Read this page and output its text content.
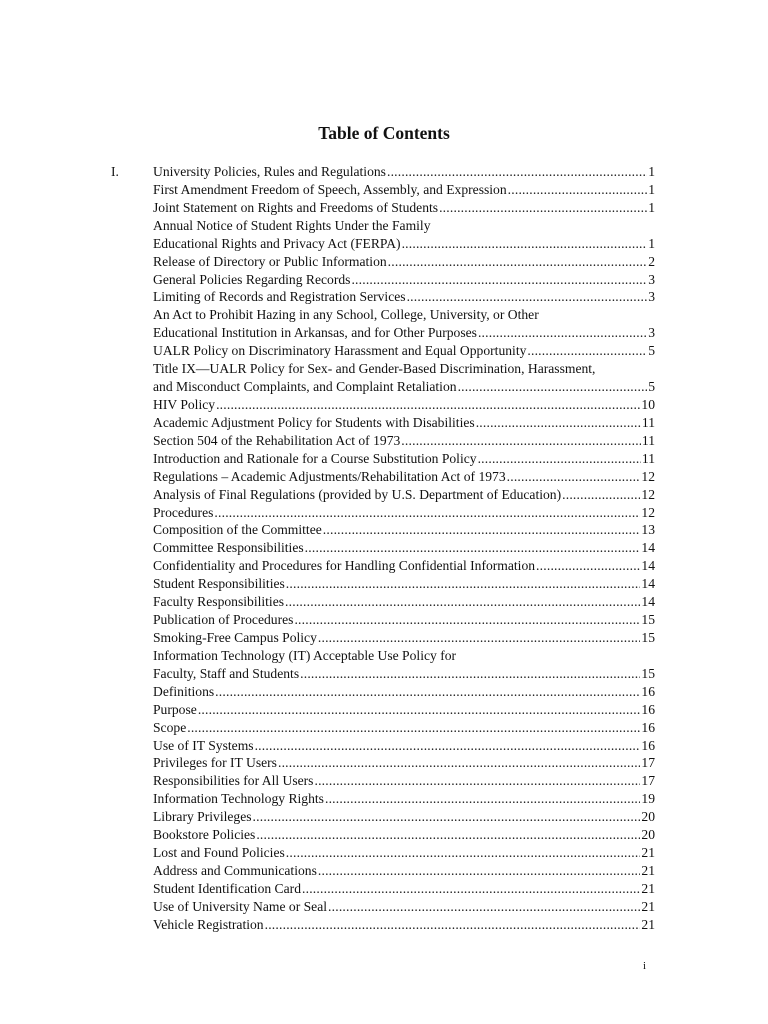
Table of Contents
I.	University Policies, Rules and Regulations .....	1
First Amendment Freedom of Speech, Assembly, and Expression .....	1
Joint Statement on Rights and Freedoms of Students .....	1
Annual Notice of Student Rights Under the Family
Educational Rights and Privacy Act (FERPA) .....	1
Release of Directory or Public Information .....	2
General Policies Regarding Records .....	3
Limiting of Records and Registration Services .....	3
An Act to Prohibit Hazing in any School, College, University, or Other
Educational Institution in Arkansas, and for Other Purposes .....	3
UALR Policy on Discriminatory Harassment and Equal Opportunity .....	5
Title IX—UALR Policy for Sex- and Gender-Based Discrimination, Harassment,
and Misconduct Complaints, and Complaint Retaliation .....	5
HIV Policy .....	10
Academic Adjustment Policy for Students with Disabilities .....	11
Section 504 of the Rehabilitation Act of 1973 .....	11
Introduction and Rationale for a Course Substitution Policy .....	11
Regulations – Academic Adjustments/Rehabilitation Act of 1973 .....	12
Analysis of Final Regulations (provided by U.S. Department of Education) .....	12
Procedures .....	12
Composition of the Committee .....	13
Committee Responsibilities .....	14
Confidentiality and Procedures for Handling Confidential Information .....	14
Student Responsibilities .....	14
Faculty Responsibilities .....	14
Publication of Procedures .....	15
Smoking-Free Campus Policy .....	15
Information Technology (IT) Acceptable Use Policy for
Faculty, Staff and Students .....	15
Definitions .....	16
Purpose .....	16
Scope .....	16
Use of IT Systems .....	16
Privileges for IT Users .....	17
Responsibilities for All Users .....	17
Information Technology Rights .....	19
Library Privileges .....	20
Bookstore Policies .....	20
Lost and Found Policies .....	21
Address and Communications .....	21
Student Identification Card .....	21
Use of University Name or Seal .....	21
Vehicle Registration .....	21
i
